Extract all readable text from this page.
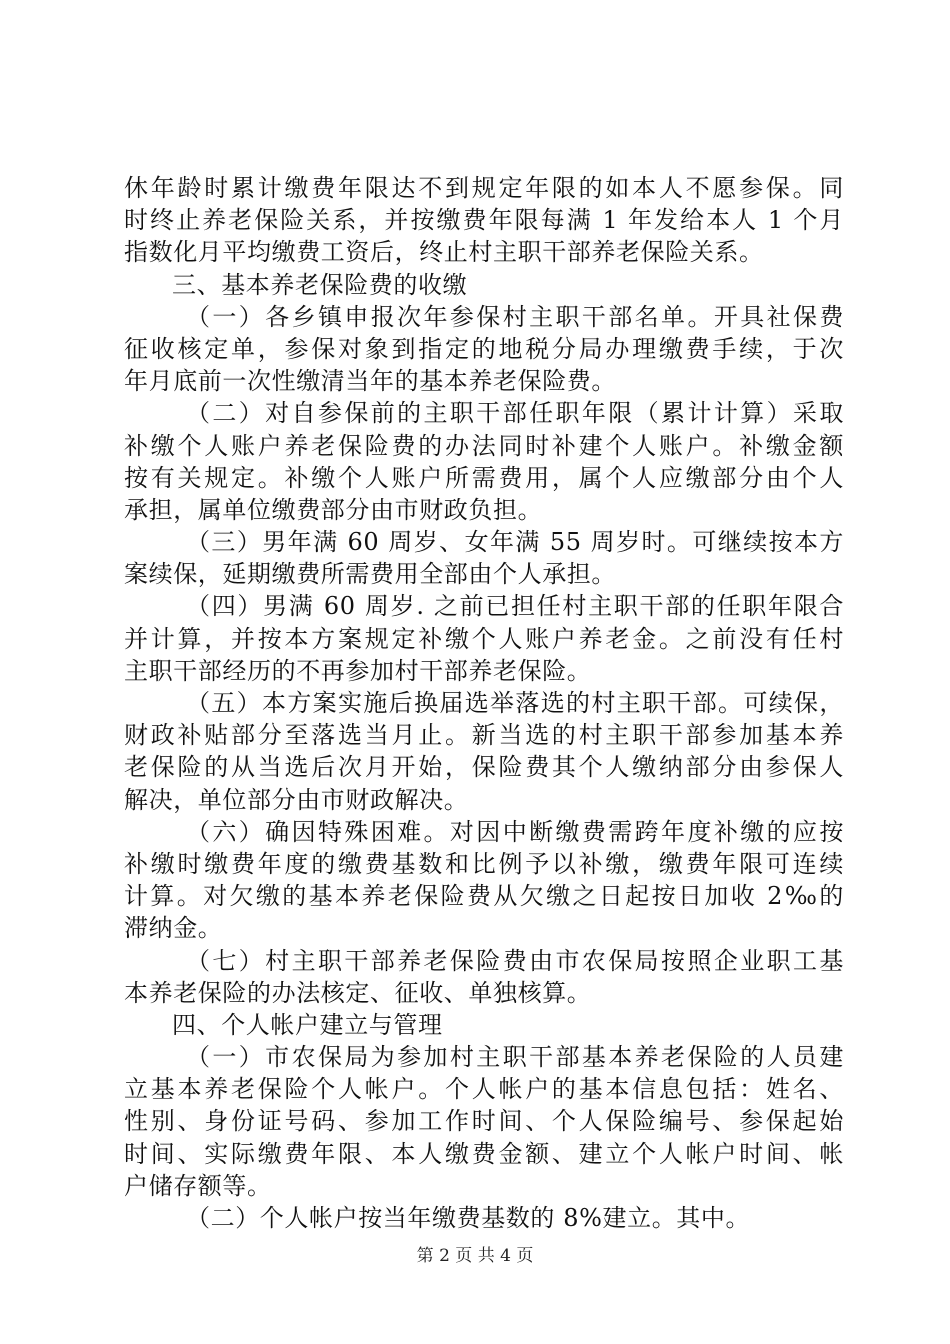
休年龄时累计缴费年限达不到规定年限的如本人不愿参保。同
时终止养老保险关系，并按缴费年限每满 1 年发给本人 1 个月
指数化月平均缴费工资后，终止村主职干部养老保险关系。
三、基本养老保险费的收缴
（一）各乡镇申报次年参保村主职干部名单。开具社保费
征收核定单，参保对象到指定的地税分局办理缴费手续，于次
年月底前一次性缴清当年的基本养老保险费。
（二）对自参保前的主职干部任职年限（累计计算）采取
补缴个人账户养老保险费的办法同时补建个人账户。补缴金额
按有关规定。补缴个人账户所需费用，属个人应缴部分由个人
承担，属单位缴费部分由市财政负担。
（三）男年满 60 周岁、女年满 55 周岁时。可继续按本方
案续保，延期缴费所需费用全部由个人承担。
（四）男满 60 周岁. 之前已担任村主职干部的任职年限合
并计算，并按本方案规定补缴个人账户养老金。之前没有任村
主职干部经历的不再参加村干部养老保险。
（五）本方案实施后换届选举落选的村主职干部。可续保，
财政补贴部分至落选当月止。新当选的村主职干部参加基本养
老保险的从当选后次月开始，保险费其个人缴纳部分由参保人
解决，单位部分由市财政解决。
（六）确因特殊困难。对因中断缴费需跨年度补缴的应按
补缴时缴费年度的缴费基数和比例予以补缴，缴费年限可连续
计算。对欠缴的基本养老保险费从欠缴之日起按日加收 2‰的
滞纳金。
（七）村主职干部养老保险费由市农保局按照企业职工基
本养老保险的办法核定、征收、单独核算。
四、个人帐户建立与管理
（一）市农保局为参加村主职干部基本养老保险的人员建
立基本养老保险个人帐户。个人帐户的基本信息包括：姓名、
性别、身份证号码、参加工作时间、个人保险编号、参保起始
时间、实际缴费年限、本人缴费金额、建立个人帐户时间、帐
户储存额等。
（二）个人帐户按当年缴费基数的 8%建立。其中。
第 2 页 共 4 页
